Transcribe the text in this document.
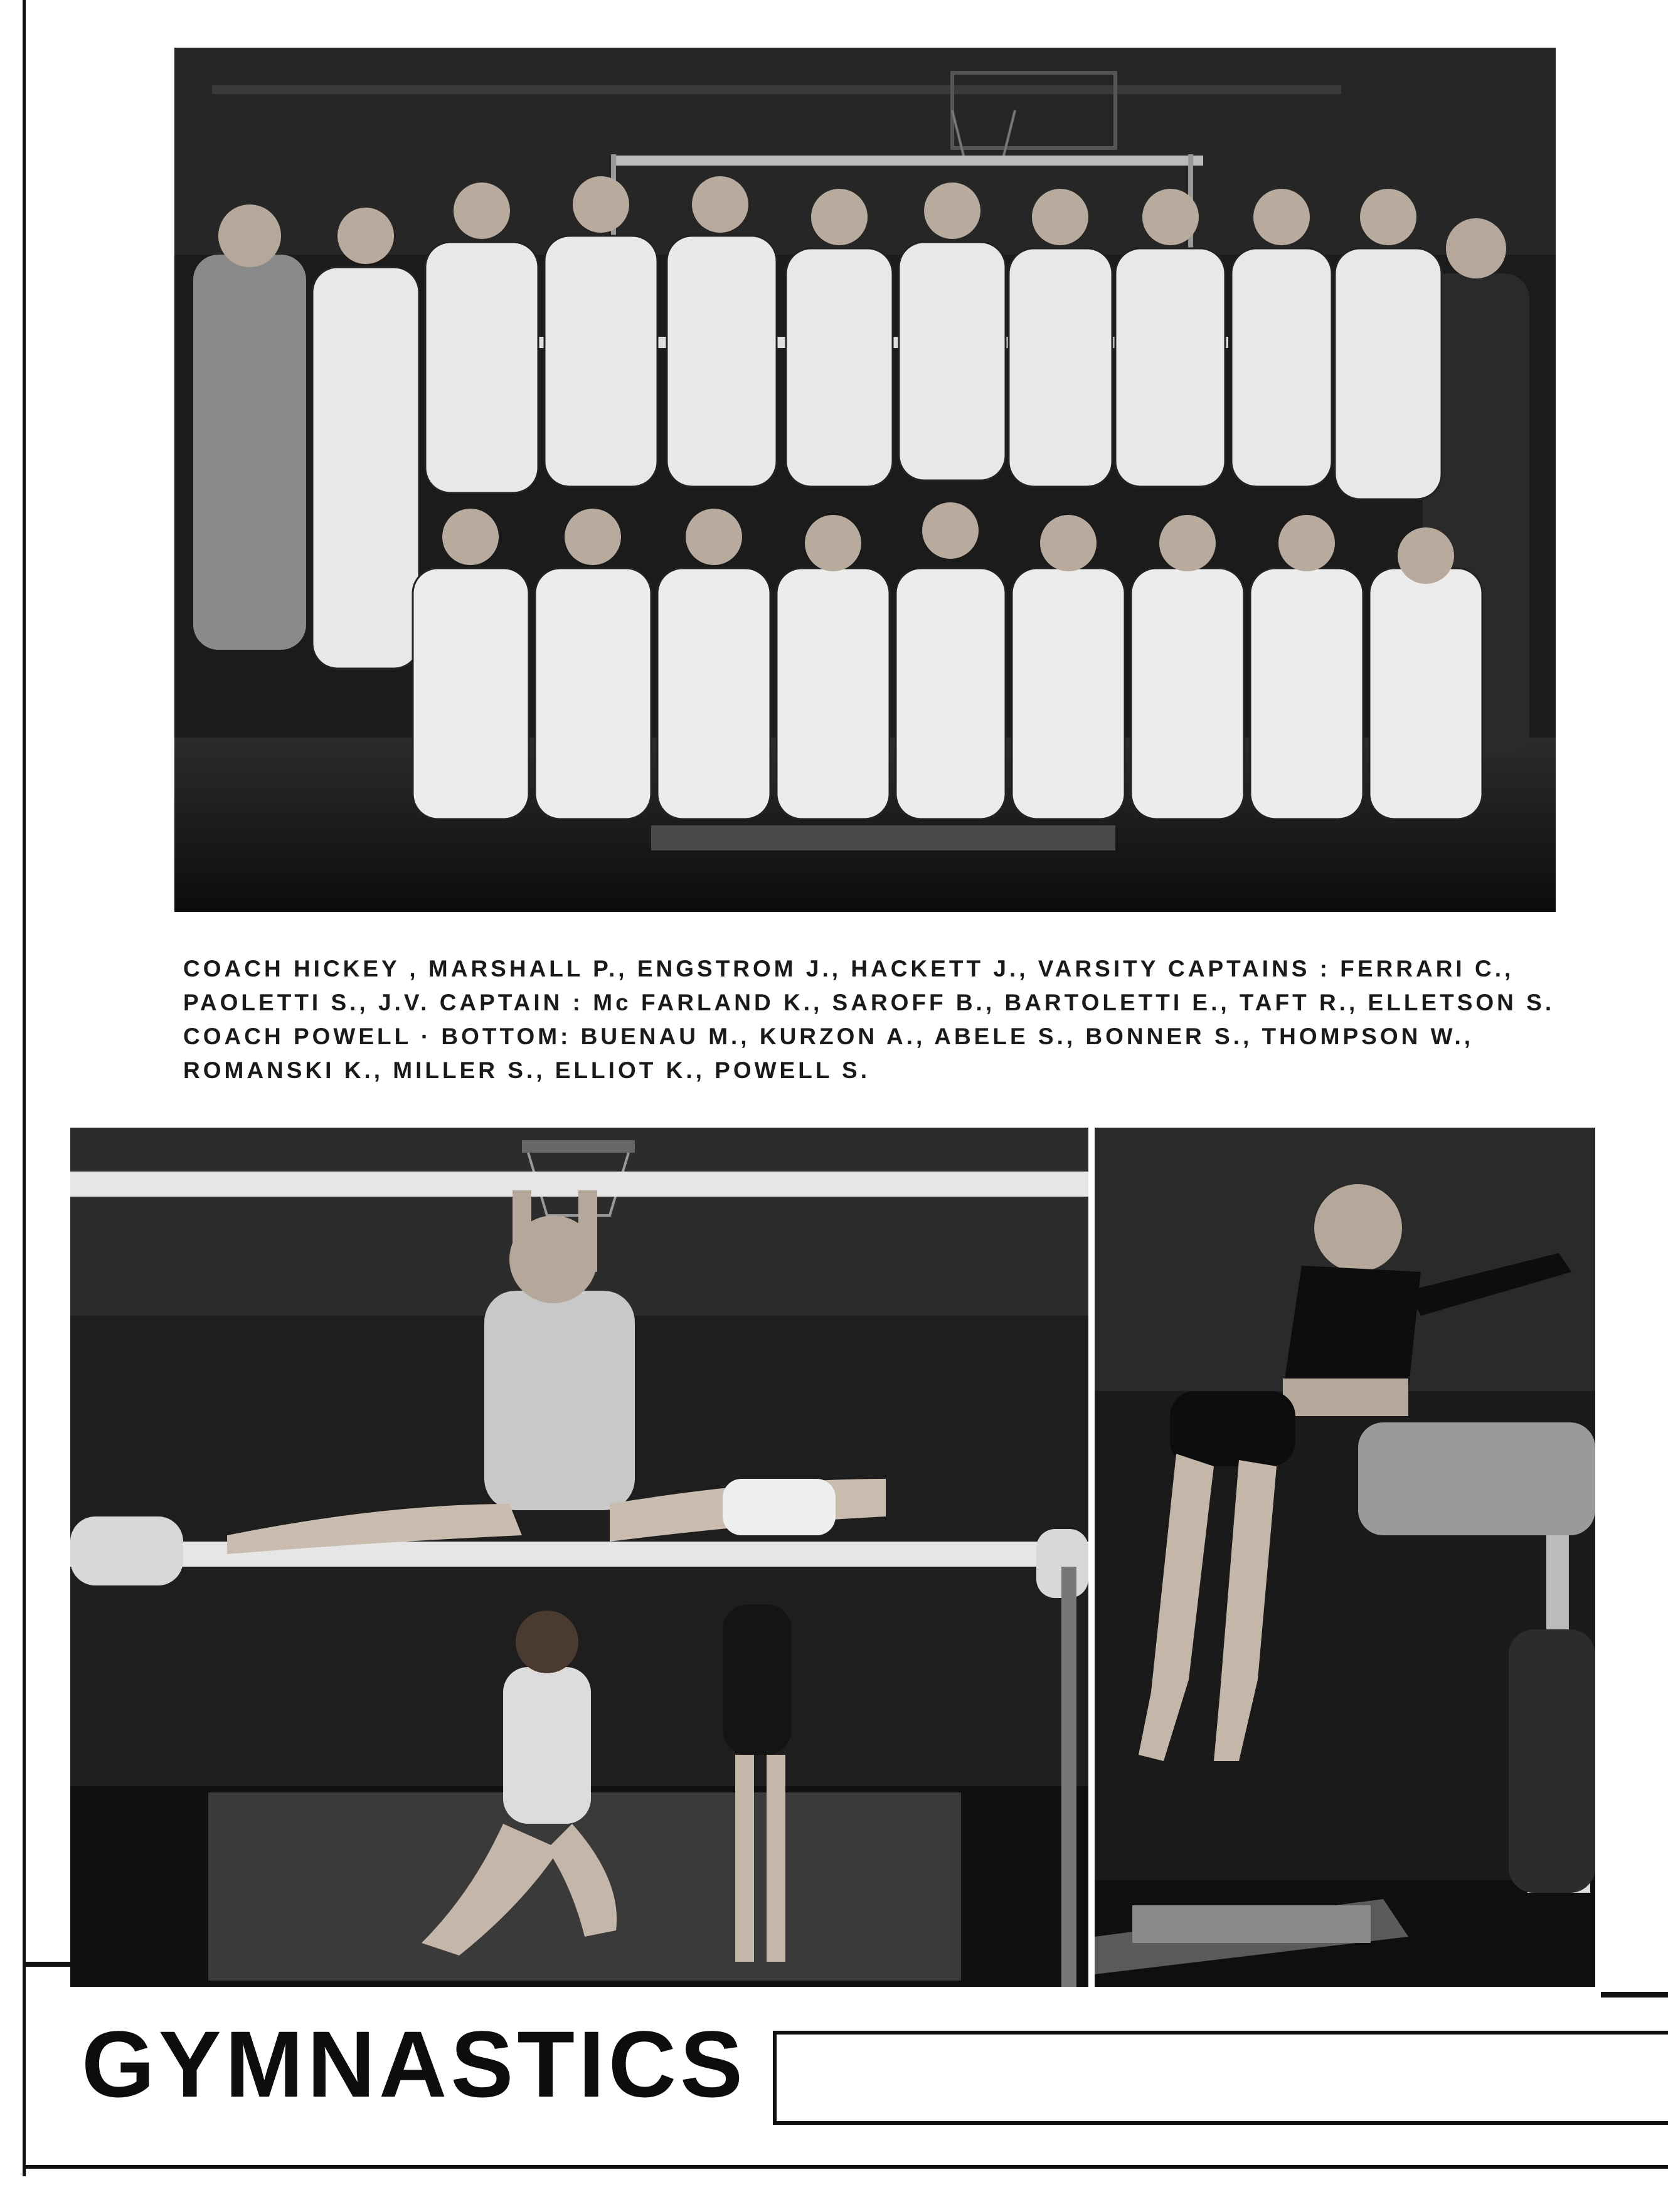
COACH HICKEY , MARSHALL P., ENGSTROM J., HACKETT J., VARSITY CAPTAINS : FERRARI C.,
PAOLETTI S., J.V. CAPTAIN : Mc FARLAND K., SAROFF B., BARTOLETTI E., TAFT R., ELLETSON S.
COACH POWELL · BOTTOM: BUENAU M., KURZON A., ABELE S., BONNER S., THOMPSON W.,
ROMANSKI K., MILLER S., ELLIOT K., POWELL S.
GYMNASTICS
